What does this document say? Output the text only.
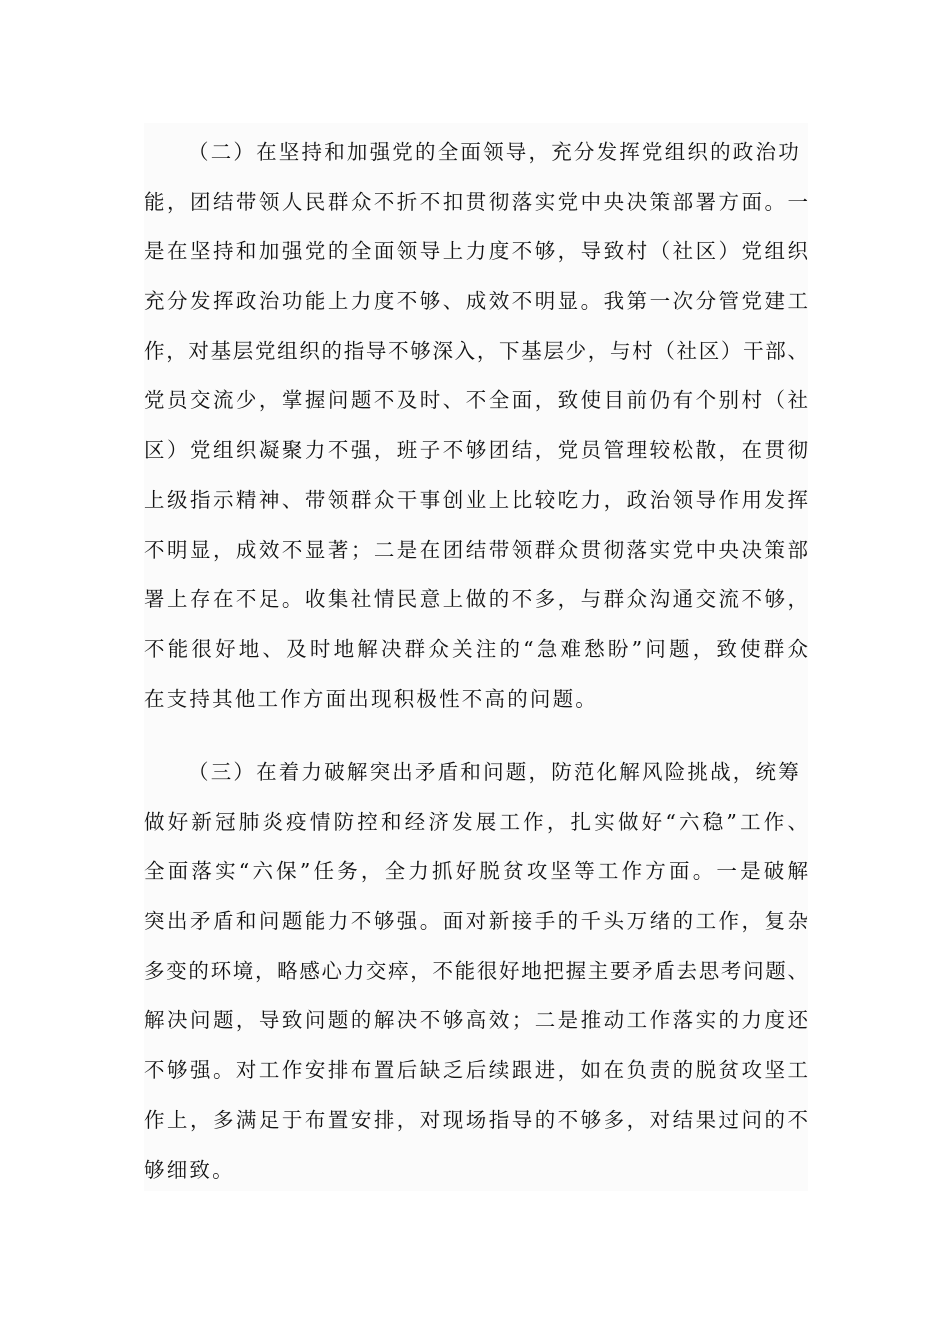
（二）在坚持和加强党的全面领导，充分发挥党组织的政治功
能，团结带领人民群众不折不扣贯彻落实党中央决策部署方面。一
是在坚持和加强党的全面领导上力度不够，导致村（社区）党组织
充分发挥政治功能上力度不够、成效不明显。我第一次分管党建工
作，对基层党组织的指导不够深入，下基层少，与村（社区）干部、
党员交流少，掌握问题不及时、不全面，致使目前仍有个别村（社
区）党组织凝聚力不强，班子不够团结，党员管理较松散，在贯彻
上级指示精神、带领群众干事创业上比较吃力，政治领导作用发挥
不明显，成效不显著；二是在团结带领群众贯彻落实党中央决策部
署上存在不足。收集社情民意上做的不多，与群众沟通交流不够，
不能很好地、及时地解决群众关注的“急难愁盼”问题，致使群众
在支持其他工作方面出现积极性不高的问题。
（三）在着力破解突出矛盾和问题，防范化解风险挑战，统筹
做好新冠肺炎疫情防控和经济发展工作，扎实做好“六稳”工作、
全面落实“六保”任务，全力抓好脱贫攻坚等工作方面。一是破解
突出矛盾和问题能力不够强。面对新接手的千头万绪的工作，复杂
多变的环境，略感心力交瘁，不能很好地把握主要矛盾去思考问题、
解决问题，导致问题的解决不够高效；二是推动工作落实的力度还
不够强。对工作安排布置后缺乏后续跟进，如在负责的脱贫攻坚工
作上，多满足于布置安排，对现场指导的不够多，对结果过问的不
够细致。
